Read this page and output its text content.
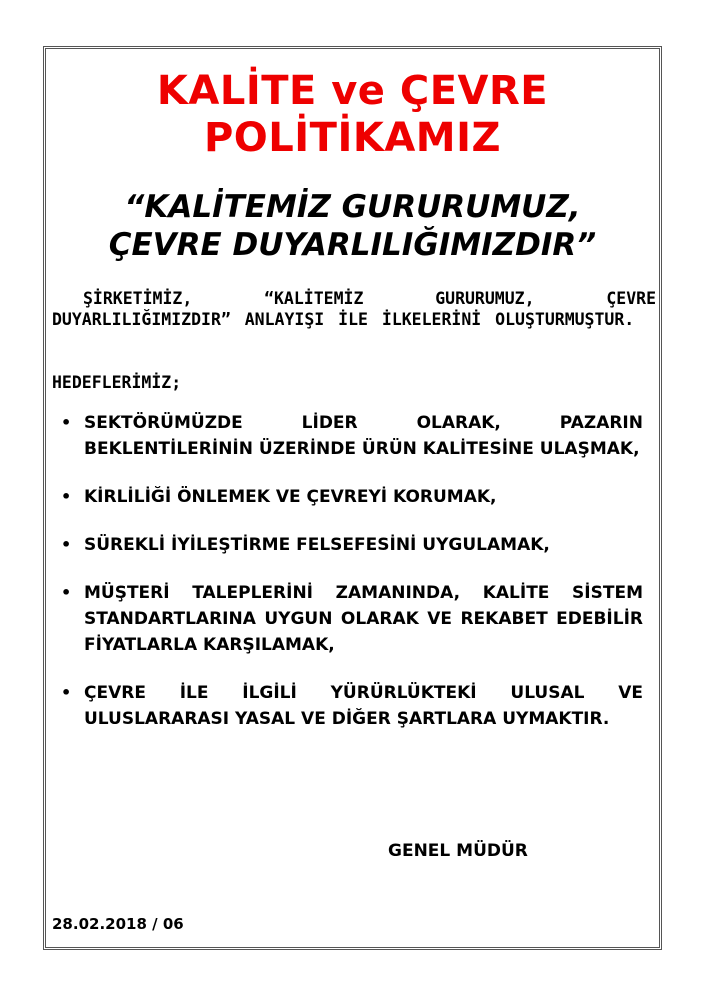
KALİTE ve ÇEVRE
POLİTİKAMIZ
“KALİTEMİZ GURURUMUZ,
ÇEVRE DUYARLILIĞIMIZDIR”
ŞİRKETİMİZ, “KALİTEMİZ GURURUMUZ, ÇEVRE DUYARLILIĞIMIZDIR” ANLAYIŞI İLE İLKELERİNİ OLUŞTURMUŞTUR.
HEDEFLERİMİZ;
• SEKTÖRÜMÜZDE LİDER OLARAK, PAZARIN BEKLENTİLERİNİN ÜZERİNDE ÜRÜN KALİTESİNE ULAŞMAK,
• KİRLİLİĞİ ÖNLEMEK VE ÇEVREYİ KORUMAK,
• SÜREKLİ İYİLEŞTİRME FELSEFESİNİ UYGULAMAK,
• MÜŞTERİ TALEPLERİNİ ZAMANINDA, KALİTE SİSTEM STANDARTLARINA UYGUN OLARAK VE REKABET EDEBİLİR FİYATLARLA KARŞILAMAK,
• ÇEVRE İLE İLGİLİ YÜRÜRLÜKTEKİ ULUSAL VE ULUSLARARASI YASAL VE DİĞER ŞARTLARA UYMAKTIR.
GENEL MÜDÜR
28.02.2018 / 06
